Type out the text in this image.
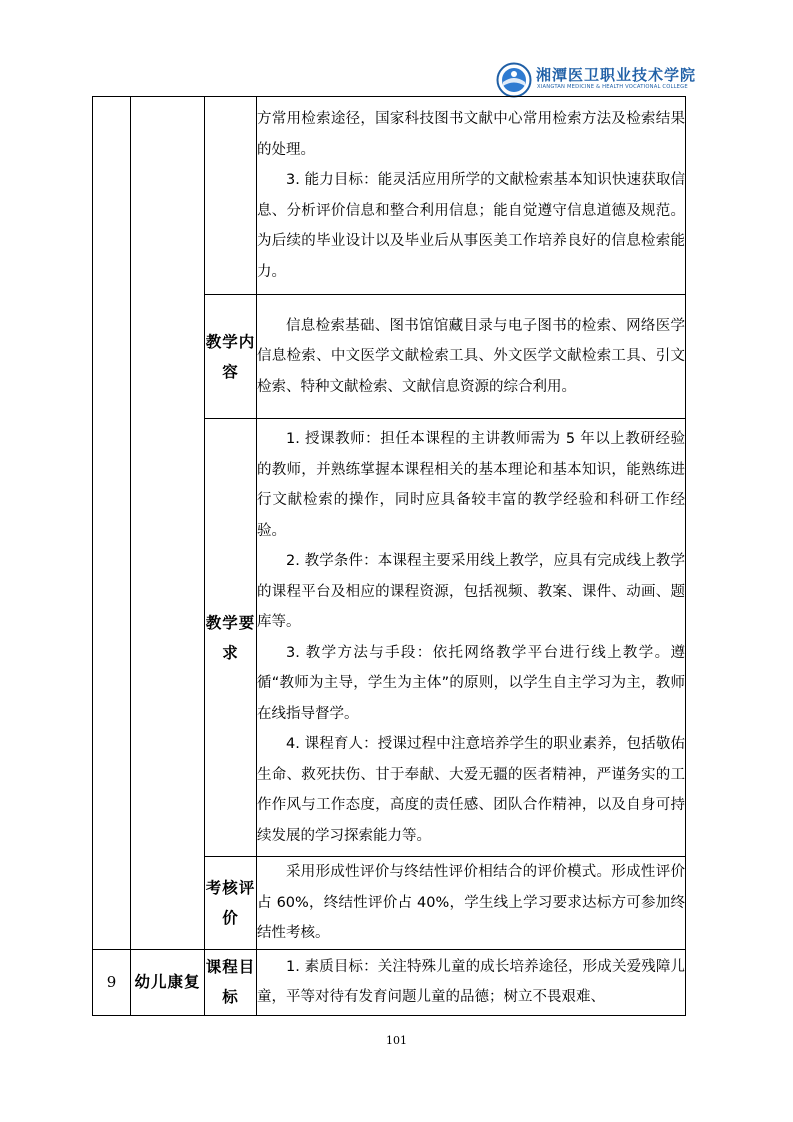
湘潭医卫职业技术学院
XIANGTAN MEDICINE & HEALTH VOCATIONAL COLLEGE

			方常用检索途径，国家科技图书文献中心常用检索方法及检索结果的处理。

3. 能力目标：能灵活应用所学的文献检索基本知识快速获取信息、分析评价信息和整合利用信息；能自觉遵守信息道德及规范。为后续的毕业设计以及毕业后从事医美工作培养良好的信息检索能力。

		教学内容	信息检索基础、图书馆馆藏目录与电子图书的检索、网络医学信息检索、中文医学文献检索工具、外文医学文献检索工具、引文检索、特种文献检索、文献信息资源的综合利用。

		教学要求	1. 授课教师：担任本课程的主讲教师需为 5 年以上教研经验的教师，并熟练掌握本课程相关的基本理论和基本知识，能熟练进行文献检索的操作，同时应具备较丰富的教学经验和科研工作经验。

2. 教学条件：本课程主要采用线上教学，应具有完成线上教学的课程平台及相应的课程资源，包括视频、教案、课件、动画、题库等。

3. 教学方法与手段：依托网络教学平台进行线上教学。遵循“教师为主导，学生为主体”的原则，以学生自主学习为主，教师在线指导督学。

4. 课程育人：授课过程中注意培养学生的职业素养，包括敬佑生命、救死扶伤、甘于奉献、大爱无疆的医者精神，严谨务实的工作作风与工作态度，高度的责任感、团队合作精神，以及自身可持续发展的学习探索能力等。

		考核评价	采用形成性评价与终结性评价相结合的评价模式。形成性评价占 60%，终结性评价占 40%，学生线上学习要求达标方可参加终结性考核。

9	幼儿康复	课程目标	1. 素质目标：关注特殊儿童的成长培养途径，形成关爱残障儿童，平等对待有发育问题儿童的品德；树立不畏艰难、

101
